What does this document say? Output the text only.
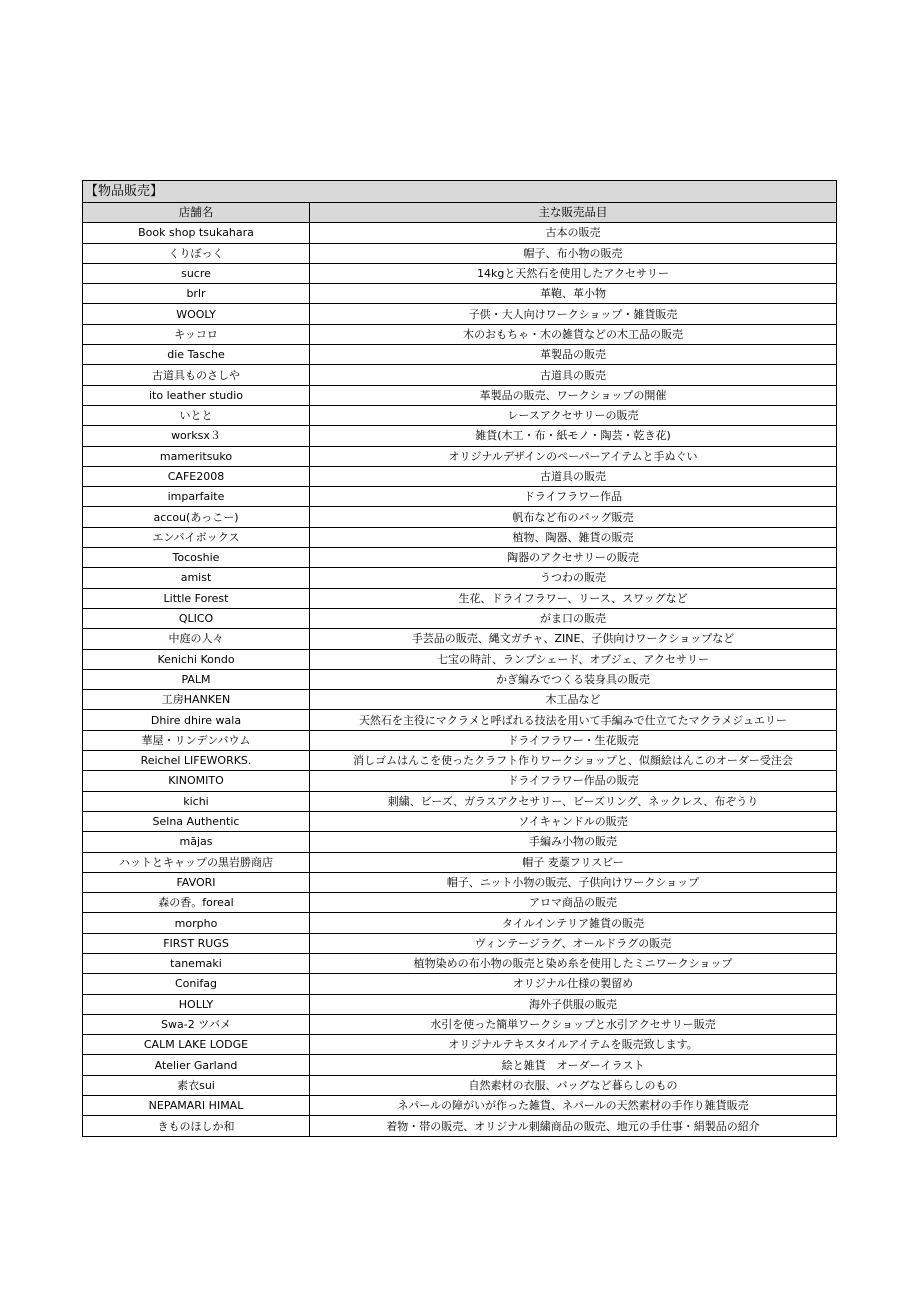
【物品販売】	
店舗名	主な販売品目
Book shop tsukahara	古本の販売
くりぼっく	帽子、布小物の販売
sucre	14kgと天然石を使用したアクセサリー
brlr	革鞄、革小物
WOOLY	子供・大人向けワークショップ・雑貨販売
キッコロ	木のおもちゃ・木の雑貨などの木工品の販売
die Tasche	革製品の販売
古道具ものさしや	古道具の販売
ito leather studio	革製品の販売、ワークショップの開催
いとと	レースアクセサリーの販売
worksx３	雑貨(木工・布・紙モノ・陶芸・乾き花)
mameritsuko	オリジナルデザインのペーパーアイテムと手ぬぐい
CAFE2008	古道具の販売
imparfaite	ドライフラワー作品
accou(あっこー)	帆布など布のバッグ販売
エンバイボックス	植物、陶器、雑貨の販売
Tocoshie	陶器のアクセサリーの販売
amist	うつわの販売
Little Forest	生花、ドライフラワー、リース、スワッグなど
QLICO	がま口の販売
中庭の人々	手芸品の販売、縄文ガチャ、ZINE、子供向けワークショップなど
Kenichi Kondo	七宝の時計、ランプシェード、オブジェ、アクセサリー
PALM	かぎ編みでつくる装身具の販売
工房HANKEN	木工品など
Dhire dhire wala	天然石を主役にマクラメと呼ばれる技法を用いて手編みで仕立てたマクラメジュエリー
華屋・リンデンバウム	ドライフラワー・生花販売
Reichel LIFEWORKS.	消しゴムはんこを使ったクラフト作りワークショップと、似顔絵はんこのオーダー受注会
KINOMITO	ドライフラワー作品の販売
kichi	刺繍、ビーズ、ガラスアクセサリー、ビーズリング、ネックレス、布ぞうり
Selna Authentic	ソイキャンドルの販売
mājas	手編み小物の販売
ハットとキャップの黒岩勝商店	帽子 麦藁フリスビー
FAVORI	帽子、ニット小物の販売、子供向けワークショップ
森の香。foreal	アロマ商品の販売
morpho	タイルインテリア雑貨の販売
FIRST RUGS	ヴィンテージラグ、オールドラグの販売
tanemaki	植物染めの布小物の販売と染め糸を使用したミニワークショップ
Conifag	オリジナル仕様の製留め
HOLLY	海外子供服の販売
Swa-2 ツバメ	水引を使った簡単ワークショップと水引アクセサリー販売
CALM LAKE LODGE	オリジナルテキスタイルアイテムを販売致します。
Atelier Garland	絵と雑貨　オーダーイラスト
素衣sui	自然素材の衣服、バッグなど暮らしのもの
NEPAMARI HIMAL	ネパールの障がいが作った雑貨、ネパールの天然素材の手作り雑貨販売
きものほしか和	着物・帯の販売、オリジナル刺繍商品の販売、地元の手仕事・絹製品の紹介
